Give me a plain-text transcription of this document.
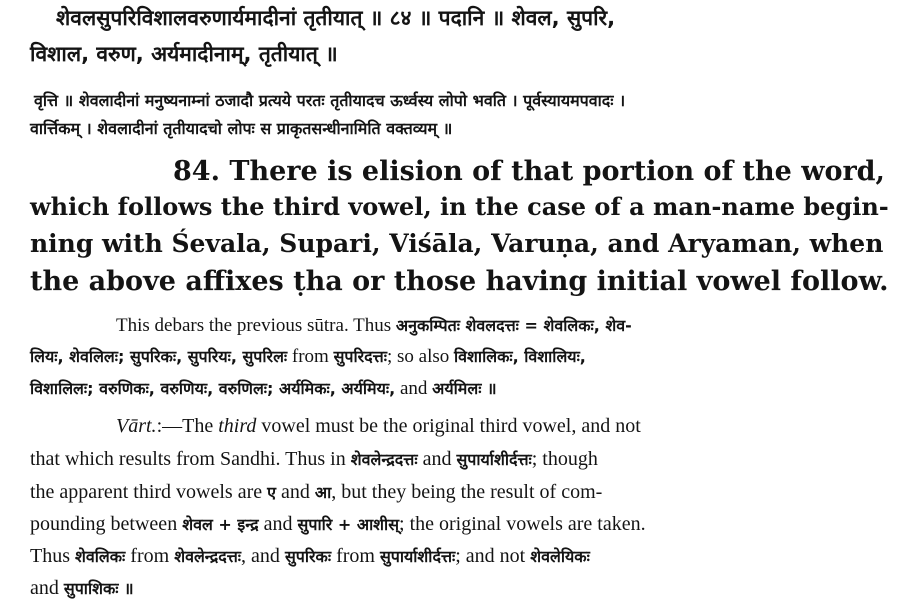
शेवलसुपरिविशालवरुणार्यमादीनां तृतीयात् ॥ ८४ ॥ पदानि ॥ शेवल, सुपरि,

विशाल, वरुण, अर्यमादीनाम्, तृतीयात् ॥

वृत्ति ॥ शेवलादीनां मनुष्यनाम्नां ठजादौ प्रत्यये परतः तृतीयादच ऊर्ध्वस्य लोपो भवति । पूर्वस्यायमपवादः ।

वार्त्तिकम् । शेवलादीनां तृतीयादचो लोपः स प्राकृतसन्धीनामिति वक्तव्यम् ॥

84. There is elision of that portion of the word,

which follows the third vowel, in the case of a man-name begin-

ning with Śevala, Supari, Viśāla, Varuṇa, and Aryaman, when

the above affixes ṭha or those having initial vowel follow.

This debars the previous sūtra. Thus अनुकम्पितः शेवलदत्तः = शेवलिकः, शेव-

लियः, शेवलिलः; सुपरिकः, सुपरियः, सुपरिलः from सुपरिदत्तः; so also विशालिकः, विशालियः,

विशालिलः; वरुणिकः, वरुणियः, वरुणिलः; अर्यमिकः, अर्यमियः, and अर्यमिलः ॥

Vārt.:—The third vowel must be the original third vowel, and not

that which results from Sandhi. Thus in शेवलेन्द्रदत्तः and सुपार्याशीर्दत्तः; though

the apparent third vowels are ए and आ, but they being the result of com-

pounding between शेवल + इन्द्र and सुपारि + आशीस्; the original vowels are taken.

Thus शेवलिकः from शेवलेन्द्रदत्तः, and सुपरिकः from सुपार्याशीर्दत्तः; and not शेवलेयिकः

and सुपाशिकः ॥
